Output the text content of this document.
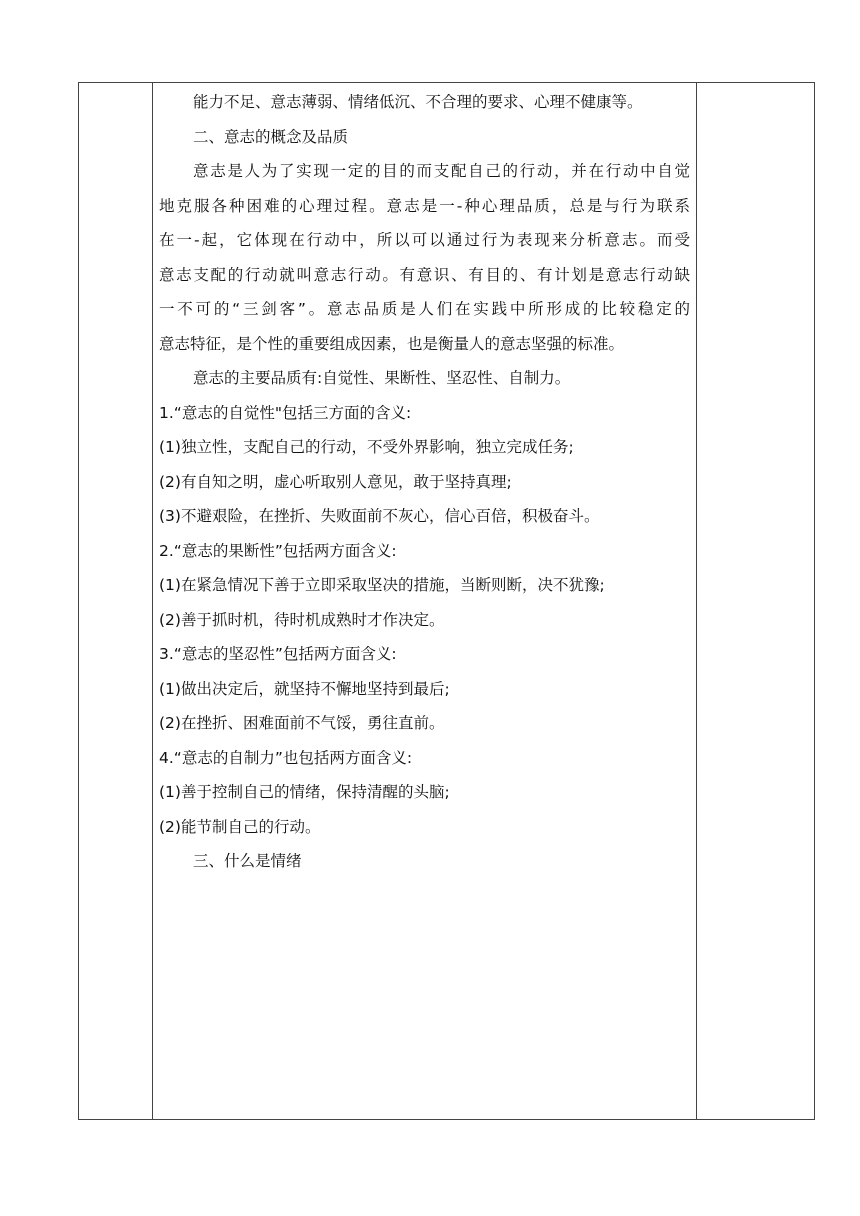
能力不足、意志薄弱、情绪低沉、不合理的要求、心理不健康等。
二、意志的概念及品质
意志是人为了实现一定的目的而支配自己的行动，并在行动中自觉
地克服各种困难的心理过程。意志是一-种心理品质，总是与行为联系
在一-起，它体现在行动中，所以可以通过行为表现来分析意志。而受
意志支配的行动就叫意志行动。有意识、有目的、有计划是意志行动缺
一不可的“三剑客”。意志品质是人们在实践中所形成的比较稳定的
意志特征，是个性的重要组成因素，也是衡量人的意志坚强的标准。
意志的主要品质有:自觉性、果断性、坚忍性、自制力。
1.“意志的自觉性"包括三方面的含义:
(1)独立性，支配自己的行动，不受外界影响，独立完成任务;
(2)有自知之明，虚心听取别人意见，敢于坚持真理;
(3)不避艰险，在挫折、失败面前不灰心，信心百倍，积极奋斗。
2.“意志的果断性”包括两方面含义:
(1)在紧急情况下善于立即采取坚决的措施，当断则断，决不犹豫;
(2)善于抓时机，待时机成熟时才作决定。
3.“意志的坚忍性”包括两方面含义:
(1)做出决定后，就坚持不懈地坚持到最后;
(2)在挫折、困难面前不气馁，勇往直前。
4.“意志的自制力”也包括两方面含义:
(1)善于控制自己的情绪，保持清醒的头脑;
(2)能节制自己的行动。
三、什么是情绪
